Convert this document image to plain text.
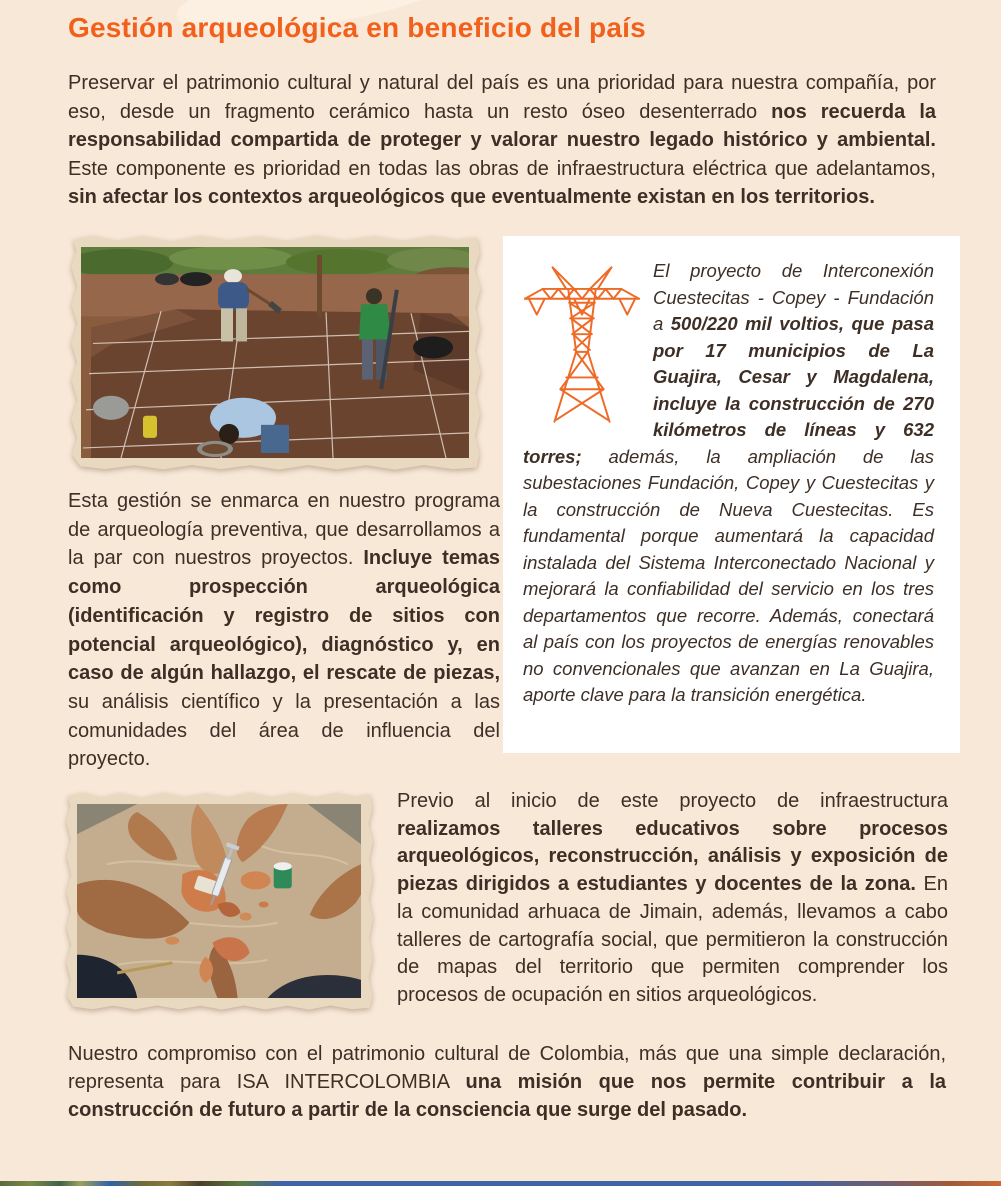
Gestión arqueológica en beneficio del país

Preservar el patrimonio cultural y natural del país es una prioridad para nuestra compañía, por eso, desde un fragmento cerámico hasta un resto óseo desenterrado nos recuerda la responsabilidad compartida de proteger y valorar nuestro legado histórico y ambiental. Este componente es prioridad en todas las obras de infraestructura eléctrica que adelantamos, sin afectar los contextos arqueológicos que eventualmente existan en los territorios.

El proyecto de Interconexión Cuestecitas - Copey - Fundación a 500/220 mil voltios, que pasa por 17 municipios de La Guajira, Cesar y Magdalena, incluye la construcción de 270 kilómetros de líneas y 632 torres; además, la ampliación de las subestaciones Fundación, Copey y Cuestecitas y la construcción de Nueva Cuestecitas. Es fundamental porque aumentará la capacidad instalada del Sistema Interconectado Nacional y mejorará la confiabilidad del servicio en los tres departamentos que recorre. Además, conectará al país con los proyectos de energías renovables no convencionales que avanzan en La Guajira, aporte clave para la transición energética.

Esta gestión se enmarca en nuestro programa de arqueología preventiva, que desarrollamos a la par con nuestros proyectos. Incluye temas como prospección arqueológica (identificación y registro de sitios con potencial arqueológico), diagnóstico y, en caso de algún hallazgo, el rescate de piezas, su análisis científico y la presentación a las comunidades del área de influencia del proyecto.

Previo al inicio de este proyecto de infraestructura realizamos talleres educativos sobre procesos arqueológicos, reconstrucción, análisis y exposición de piezas dirigidos a estudiantes y docentes de la zona. En la comunidad arhuaca de Jimain, además, llevamos a cabo talleres de cartografía social, que permitieron la construcción de mapas del territorio que permiten comprender los procesos de ocupación en sitios arqueológicos.

Nuestro compromiso con el patrimonio cultural de Colombia, más que una simple declaración, representa para ISA INTERCOLOMBIA una misión que nos permite contribuir a la construcción de futuro a partir de la consciencia que surge del pasado.
